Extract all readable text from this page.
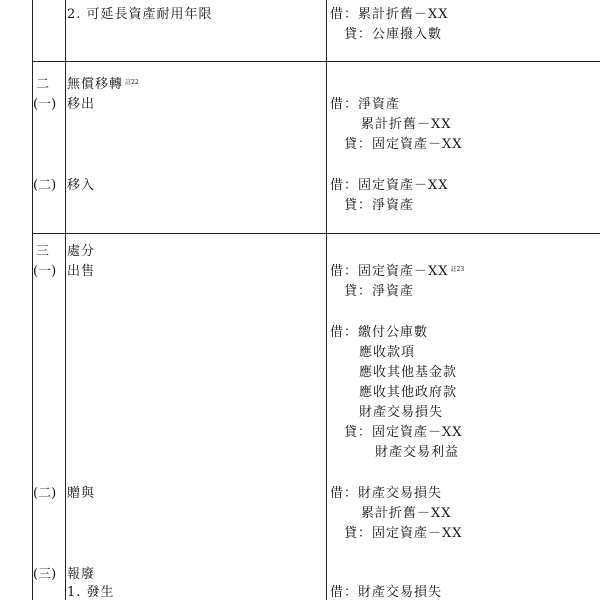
2. 可延長資產耐用年限	借：累計折舊－XX
貸：公庫撥入數
二 無償移轉 $^{註22}$
(一) 移出	借：淨資產
累計折舊－XX
貸：固定資產－XX
(二) 移入	借：固定資產－XX
貸：淨資產
三 處分
(一) 出售	借：固定資產－XX $^{註23}$
貸：淨資產
借：繳付公庫數
應收款項
應收其他基金款
應收其他政府款
財產交易損失
貸：固定資產－XX
財產交易利益
(二) 贈與	借：財產交易損失
累計折舊－XX
貸：固定資產－XX
(三) 報廢
1. 發生	借：財產交易損失
